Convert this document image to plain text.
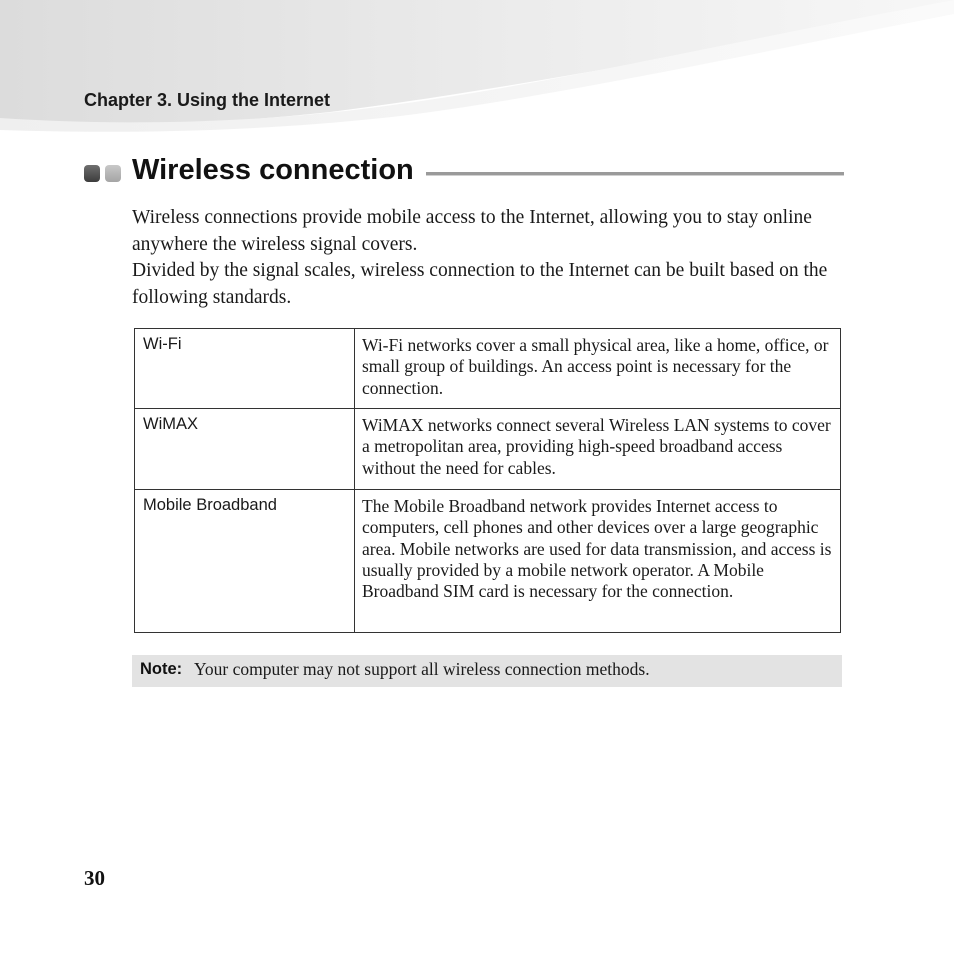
Chapter 3. Using the Internet
Wireless connection

Wireless connections provide mobile access to the Internet, allowing you to stay online anywhere the wireless signal covers.

Divided by the signal scales, wireless connection to the Internet can be built based on the following standards.

Wi-Fi	Wi-Fi networks cover a small physical area, like a home, office, or small group of buildings. An access point is necessary for the connection.

WiMAX	WiMAX networks connect several Wireless LAN systems to cover a metropolitan area, providing high-speed broadband access without the need for cables.

Mobile Broadband	The Mobile Broadband network provides Internet access to computers, cell phones and other devices over a large geographic area. Mobile networks are used for data transmission, and access is usually provided by a mobile network operator. A Mobile Broadband SIM card is necessary for the connection.
Note: Your computer may not support all wireless connection methods.
30
